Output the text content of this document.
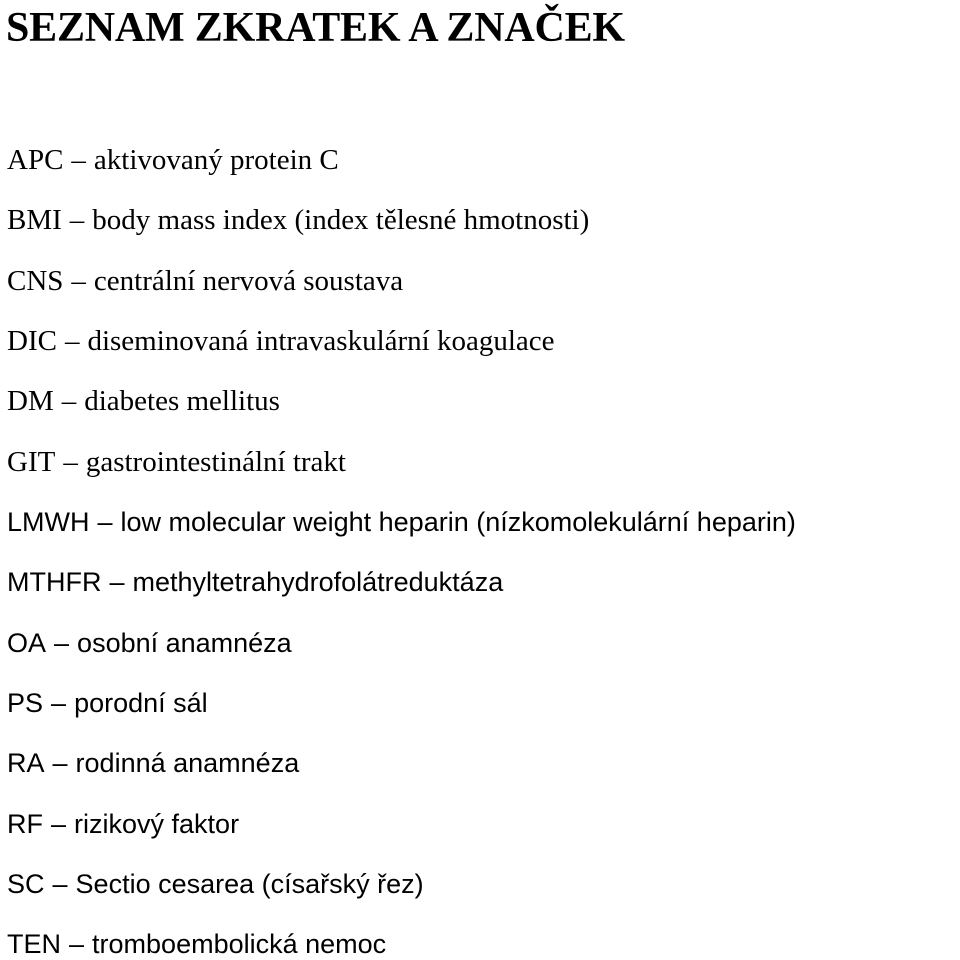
SEZNAM ZKRATEK A ZNAČEK
APC – aktivovaný protein C
BMI – body mass index (index tělesné hmotnosti)
CNS – centrální nervová soustava
DIC – diseminovaná intravaskulární koagulace
DM – diabetes mellitus
GIT – gastrointestinální trakt
LMWH – low molecular weight heparin (nízkomolekulární heparin)
MTHFR – methyltetrahydrofolátreduktáza
OA – osobní anamnéza
PS – porodní sál
RA – rodinná anamnéza
RF – rizikový faktor
SC – Sectio cesarea (císařský řez)
TEN – tromboembolická nemoc
